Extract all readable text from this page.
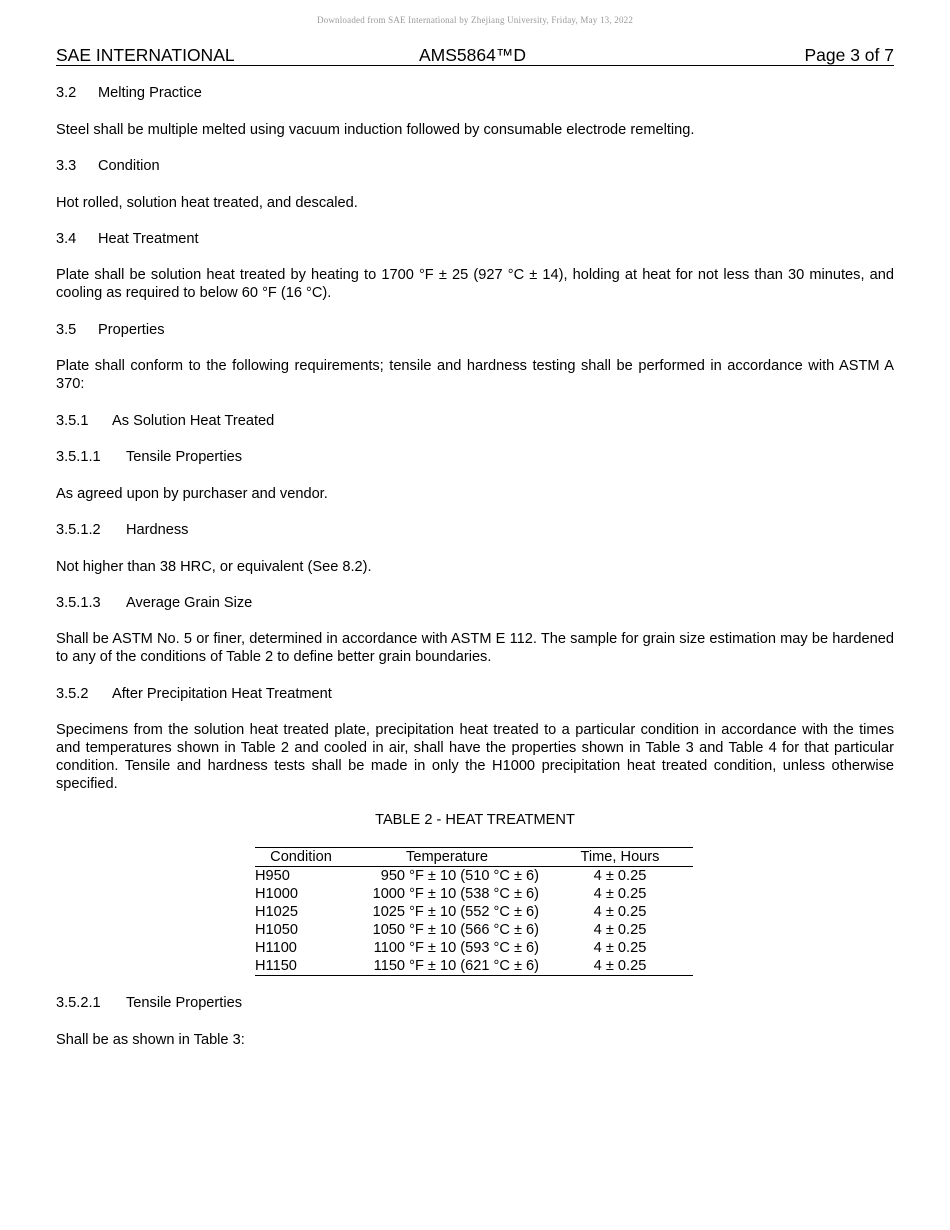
Downloaded from SAE International by Zhejiang University, Friday, May 13, 2022
SAE INTERNATIONAL	AMS5864™D	Page 3 of 7
3.2 Melting Practice
Steel shall be multiple melted using vacuum induction followed by consumable electrode remelting.
3.3 Condition
Hot rolled, solution heat treated, and descaled.
3.4 Heat Treatment
Plate shall be solution heat treated by heating to 1700 °F ± 25 (927 °C ± 14), holding at heat for not less than 30 minutes, and cooling as required to below 60 °F (16 °C).
3.5 Properties
Plate shall conform to the following requirements; tensile and hardness testing shall be performed in accordance with ASTM A 370:
3.5.1 As Solution Heat Treated
3.5.1.1 Tensile Properties
As agreed upon by purchaser and vendor.
3.5.1.2 Hardness
Not higher than 38 HRC, or equivalent (See 8.2).
3.5.1.3 Average Grain Size
Shall be ASTM No. 5 or finer, determined in accordance with ASTM E 112. The sample for grain size estimation may be hardened to any of the conditions of Table 2 to define better grain boundaries.
3.5.2 After Precipitation Heat Treatment
Specimens from the solution heat treated plate, precipitation heat treated to a particular condition in accordance with the times and temperatures shown in Table 2 and cooled in air, shall have the properties shown in Table 3 and Table 4 for that particular condition. Tensile and hardness tests shall be made in only the H1000 precipitation heat treated condition, unless otherwise specified.
TABLE 2 - HEAT TREATMENT
Condition	Temperature	Time, Hours
H950	950 °F ± 10 (510 °C ± 6)	4 ± 0.25
H1000	1000 °F ± 10 (538 °C ± 6)	4 ± 0.25
H1025	1025 °F ± 10 (552 °C ± 6)	4 ± 0.25
H1050	1050 °F ± 10 (566 °C ± 6)	4 ± 0.25
H1100	1100 °F ± 10 (593 °C ± 6)	4 ± 0.25
H1150	1150 °F ± 10 (621 °C ± 6)	4 ± 0.25
3.5.2.1 Tensile Properties
Shall be as shown in Table 3:
